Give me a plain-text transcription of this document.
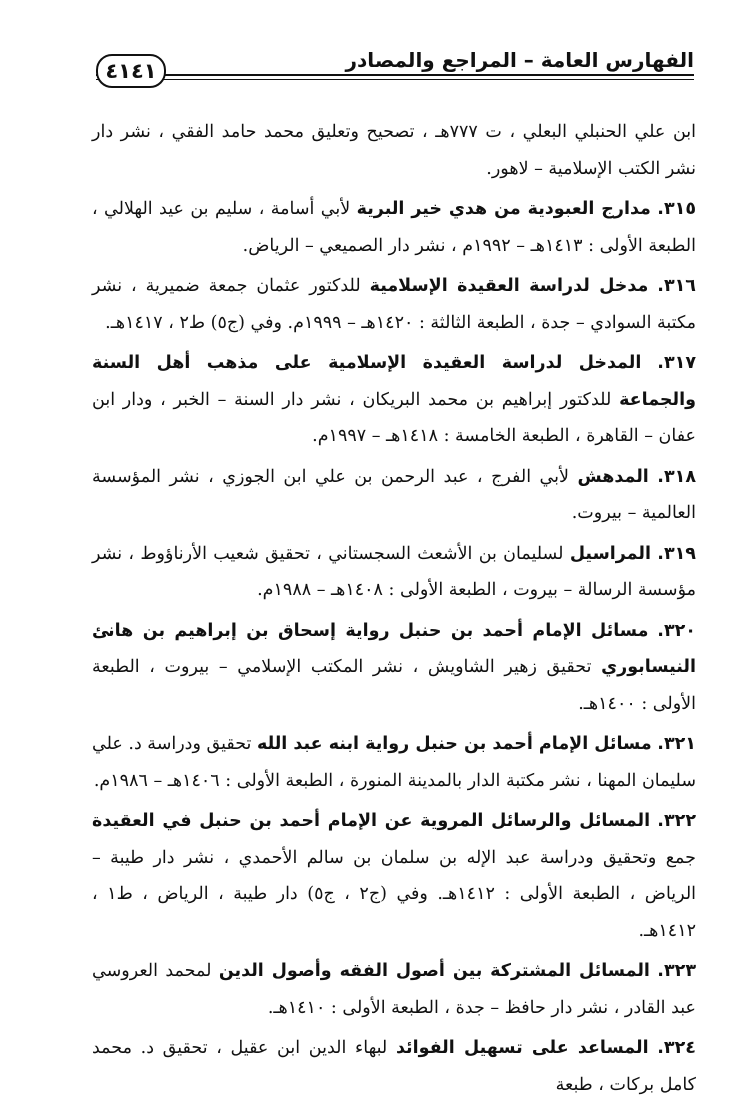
الفهارس العامة – المراجع والمصادر
٤١٤١

ابن علي الحنبلي البعلي ، ت ٧٧٧هـ ، تصحيح وتعليق محمد حامد الفقي ، نشر دار نشر الكتب الإسلامية – لاهور.

٣١٥. مدارج العبودية من هدي خير البرية لأبي أسامة ، سليم بن عيد الهلالي ، الطبعة الأولى : ١٤١٣هـ – ١٩٩٢م ، نشر دار الصميعي – الرياض.

٣١٦. مدخل لدراسة العقيدة الإسلامية للدكتور عثمان جمعة ضميرية ، نشر مكتبة السوادي – جدة ، الطبعة الثالثة : ١٤٢٠هـ – ١٩٩٩م. وفي (ج٥) ط٢ ، ١٤١٧هـ.

٣١٧. المدخل لدراسة العقيدة الإسلامية على مذهب أهل السنة والجماعة للدكتور إبراهيم بن محمد البريكان ، نشر دار السنة – الخبر ، ودار ابن عفان – القاهرة ، الطبعة الخامسة : ١٤١٨هـ – ١٩٩٧م.

٣١٨. المدهش لأبي الفرج ، عبد الرحمن بن علي ابن الجوزي ، نشر المؤسسة العالمية – بيروت.

٣١٩. المراسيل لسليمان بن الأشعث السجستاني ، تحقيق شعيب الأرناؤوط ، نشر مؤسسة الرسالة – بيروت ، الطبعة الأولى : ١٤٠٨هـ – ١٩٨٨م.

٣٢٠. مسائل الإمام أحمد بن حنبل رواية إسحاق بن إبراهيم بن هانئ النيسابوري تحقيق زهير الشاويش ، نشر المكتب الإسلامي – بيروت ، الطبعة الأولى : ١٤٠٠هـ.

٣٢١. مسائل الإمام أحمد بن حنبل رواية ابنه عبد الله تحقيق ودراسة د. علي سليمان المهنا ، نشر مكتبة الدار بالمدينة المنورة ، الطبعة الأولى : ١٤٠٦هـ – ١٩٨٦م.

٣٢٢. المسائل والرسائل المروية عن الإمام أحمد بن حنبل في العقيدة جمع وتحقيق ودراسة عبد الإله بن سلمان بن سالم الأحمدي ، نشر دار طيبة – الرياض ، الطبعة الأولى : ١٤١٢هـ. وفي (ج٢ ، ج٥) دار طيبة ، الرياض ، ط١ ، ١٤١٢هـ.

٣٢٣. المسائل المشتركة بين أصول الفقه وأصول الدين لمحمد العروسي عبد القادر ، نشر دار حافظ – جدة ، الطبعة الأولى : ١٤١٠هـ.

٣٢٤. المساعد على تسهيل الفوائد لبهاء الدين ابن عقيل ، تحقيق د. محمد كامل بركات ، طبعة
